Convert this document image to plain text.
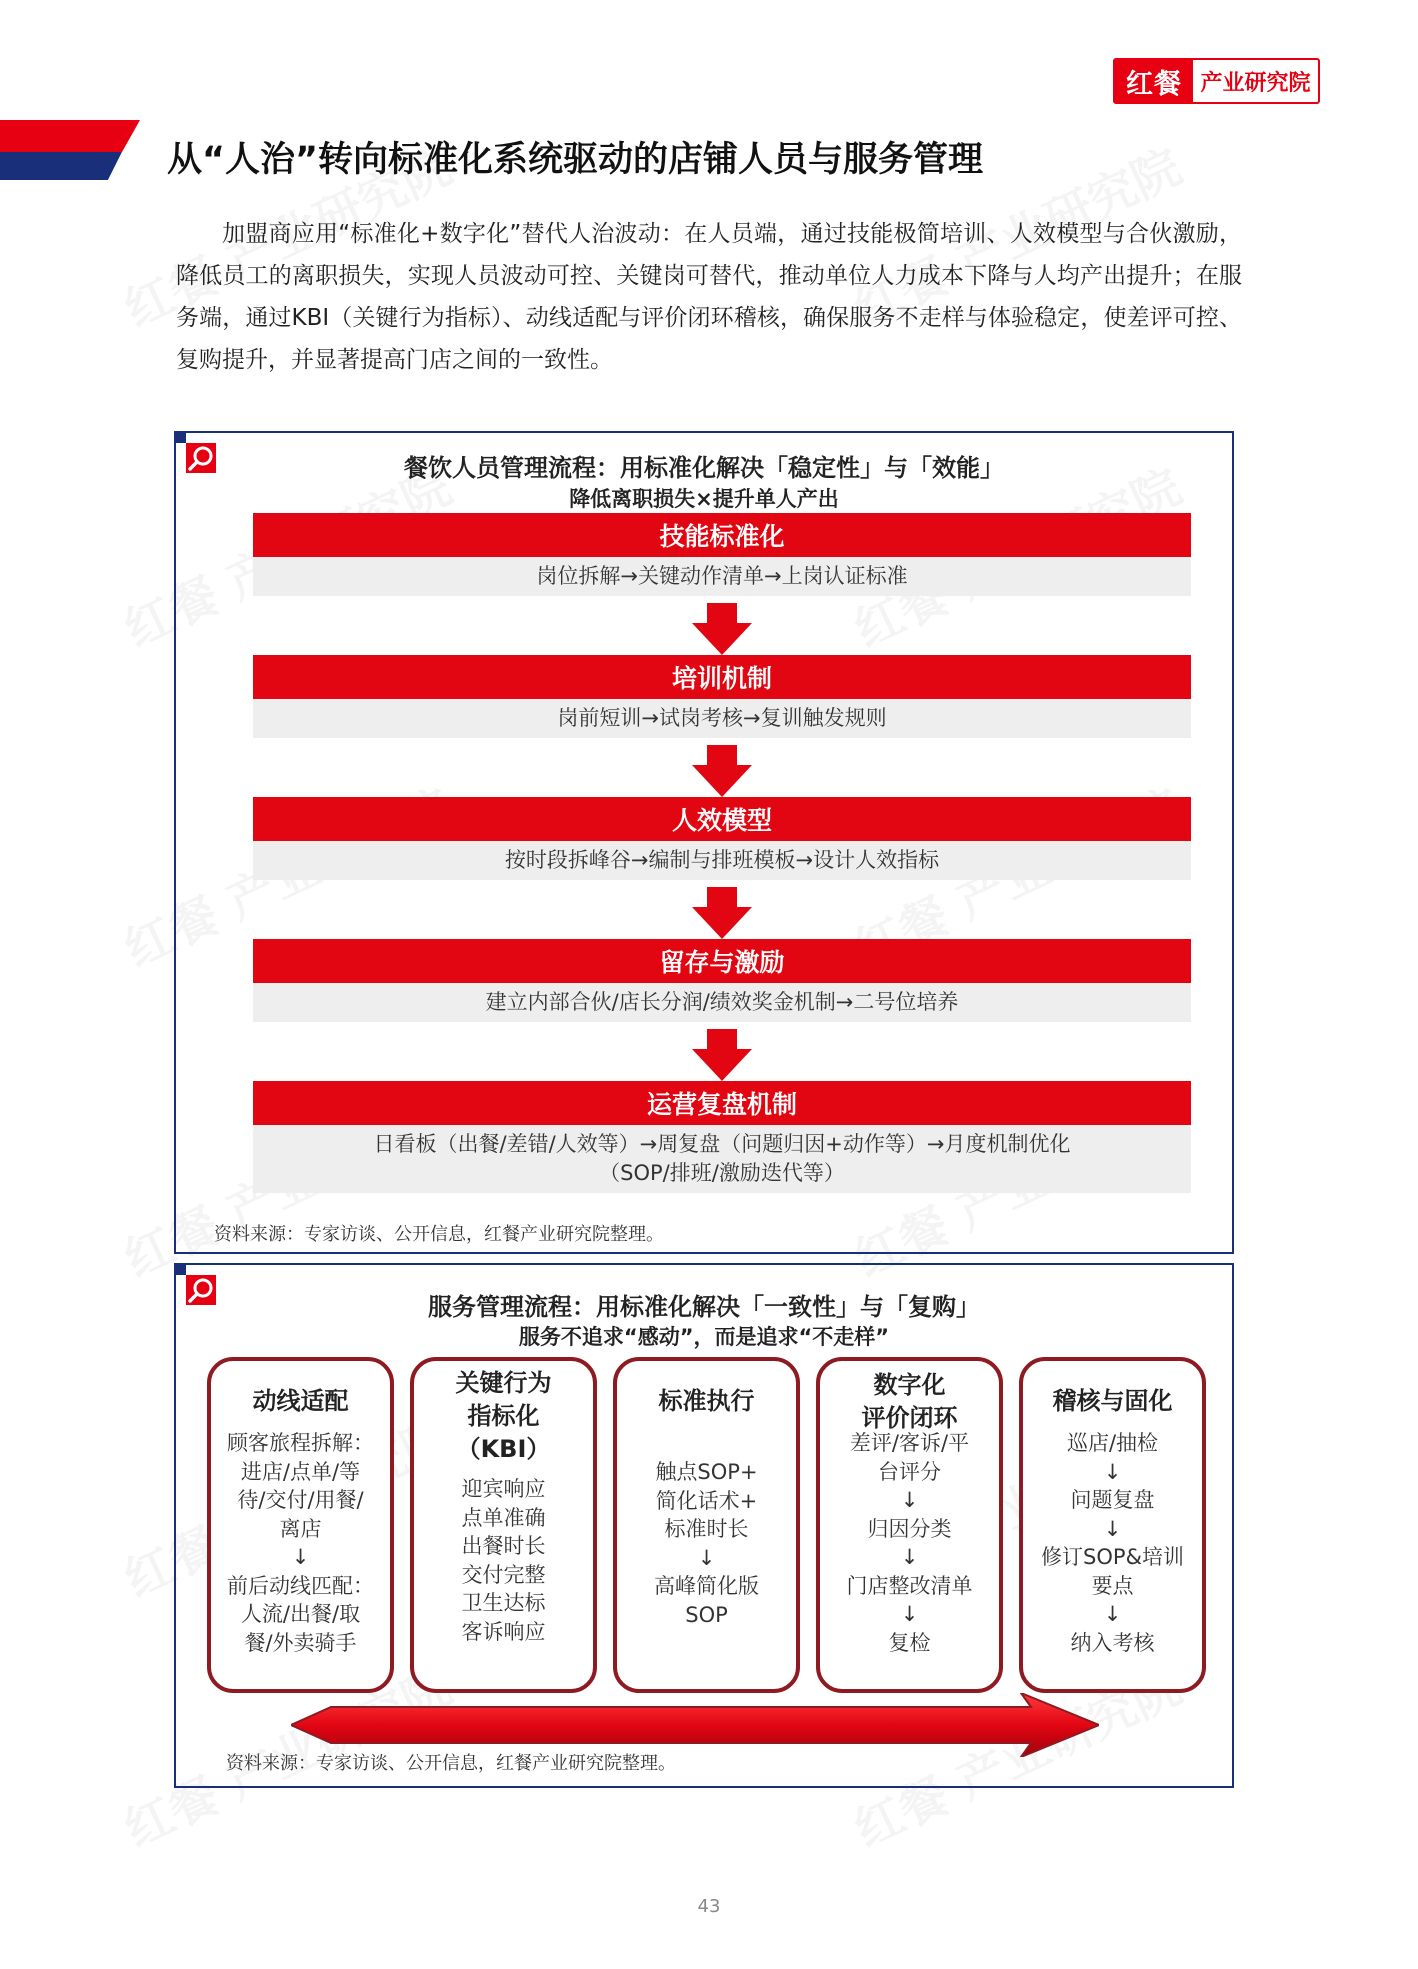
红餐 产业研究院
从“人治”转向标准化系统驱动的店铺人员与服务管理

加盟商应用“标准化+数字化”替代人治波动：在人员端，通过技能极简培训、人效模型与合伙激励，降低员工的离职损失，实现人员波动可控、关键岗可替代，推动单位人力成本下降与人均产出提升；在服务端，通过KBI（关键行为指标）、动线适配与评价闭环稽核，确保服务不走样与体验稳定，使差评可控、复购提升，并显著提高门店之间的一致性。

餐饮人员管理流程：用标准化解决「稳定性」与「效能」
降低离职损失×提升单人产出
技能标准化
岗位拆解→关键动作清单→上岗认证标准
培训机制
岗前短训→试岗考核→复训触发规则
人效模型
按时段拆峰谷→编制与排班模板→设计人效指标
留存与激励
建立内部合伙/店长分润/绩效奖金机制→二号位培养
运营复盘机制
日看板（出餐/差错/人效等）→周复盘（问题归因+动作等）→月度机制优化
（SOP/排班/激励迭代等）

资料来源：专家访谈、公开信息，红餐产业研究院整理。

服务管理流程：用标准化解决「一致性」与「复购」
服务不追求“感动”，而是追求“不走样”
动线适配
顾客旅程拆解：
进店/点单/等
待/交付/用餐/
离店
↓
前后动线匹配：
人流/出餐/取
餐/外卖骑手
关键行为
指标化
（KBI）
迎宾响应
点单准确
出餐时长
交付完整
卫生达标
客诉响应
标准执行
触点SOP+
简化话术+
标准时长
↓
高峰简化版
SOP
数字化
评价闭环
差评/客诉/平
台评分
↓
归因分类
↓
门店整改清单
↓
复检
稽核与固化
巡店/抽检
↓
问题复盘
↓
修订SOP&培训
要点
↓
纳入考核

资料来源：专家访谈、公开信息，红餐产业研究院整理。

43
